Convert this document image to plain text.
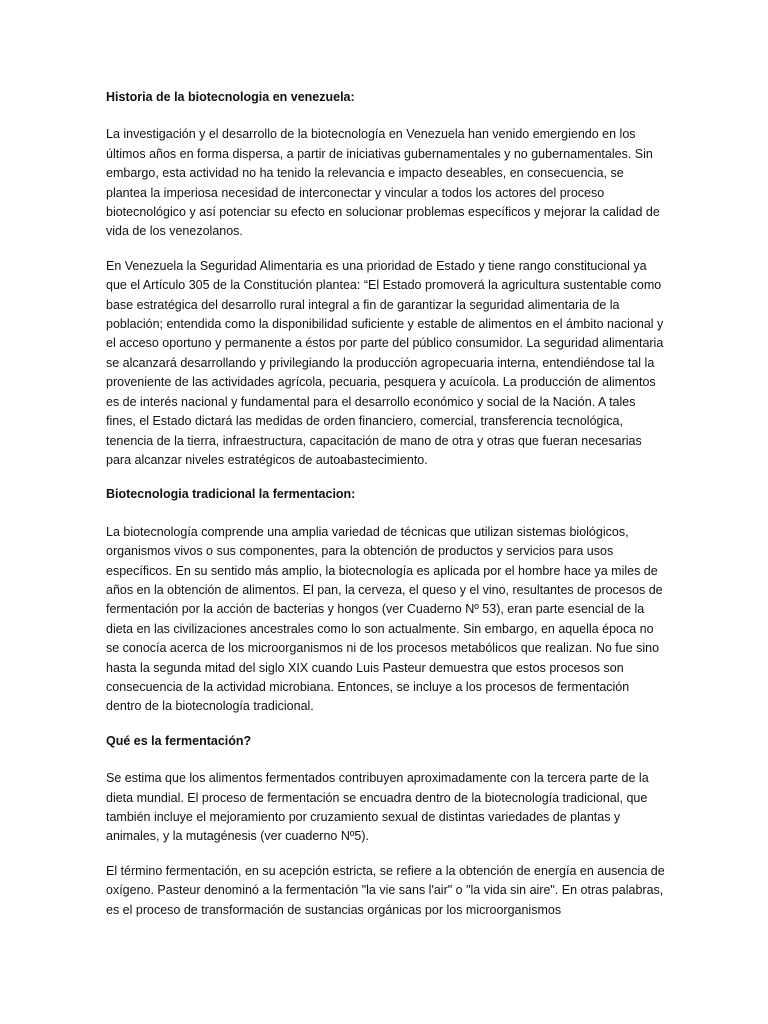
Historia de la biotecnologia en venezuela:

La investigación y el desarrollo de la biotecnología en Venezuela han venido emergiendo en los últimos años en forma dispersa, a partir de iniciativas gubernamentales y no gubernamentales. Sin embargo, esta actividad no ha tenido la relevancia e impacto deseables, en consecuencia, se plantea la imperiosa necesidad de interconectar y vincular a todos los actores del proceso biotecnológico y así potenciar su efecto en solucionar problemas específicos y mejorar la calidad de vida de los venezolanos.

En Venezuela la Seguridad Alimentaria es una prioridad de Estado y tiene rango constitucional ya que el Artículo 305 de la Constitución plantea: “El Estado promoverá la agricultura sustentable como base estratégica del desarrollo rural integral a fin de garantizar la seguridad alimentaria de la población; entendida como la disponibilidad suficiente y estable de alimentos en el ámbito nacional y el acceso oportuno y permanente a éstos por parte del público consumidor. La seguridad alimentaria se alcanzará desarrollando y privilegiando la producción agropecuaria interna, entendiéndose tal la proveniente de las actividades agrícola, pecuaria, pesquera y acuícola. La producción de alimentos es de interés nacional y fundamental para el desarrollo económico y social de la Nación. A tales fines, el Estado dictará las medidas de orden financiero, comercial, transferencia tecnológica, tenencia de la tierra, infraestructura, capacitación de mano de otra y otras que fueran necesarias para alcanzar niveles estratégicos de autoabastecimiento.

Biotecnologia tradicional la fermentacion:

La biotecnología comprende una amplia variedad de técnicas que utilizan sistemas biológicos, organismos vivos o sus componentes, para la obtención de productos y servicios para usos específicos. En su sentido más amplio, la biotecnología es aplicada por el hombre hace ya miles de años en la obtención de alimentos. El pan, la cerveza, el queso y el vino, resultantes de procesos de fermentación por la acción de bacterias y hongos (ver Cuaderno Nº 53), eran parte esencial de la dieta en las civilizaciones ancestrales como lo son actualmente. Sin embargo, en aquella época no se conocía acerca de los microorganismos ni de los procesos metabólicos que realizan. No fue sino hasta la segunda mitad del siglo XIX cuando Luis Pasteur demuestra que estos procesos son consecuencia de la actividad microbiana. Entonces, se incluye a los procesos de fermentación dentro de la biotecnología tradicional.

Qué es la fermentación?

Se estima que los alimentos fermentados contribuyen aproximadamente con la tercera parte de la dieta mundial. El proceso de fermentación se encuadra dentro de la biotecnología tradicional, que también incluye el mejoramiento por cruzamiento sexual de distintas variedades de plantas y animales, y la mutagénesis (ver cuaderno Nº5).

El término fermentación, en su acepción estricta, se refiere a la obtención de energía en ausencia de oxígeno. Pasteur denominó a la fermentación "la vie sans l'air" o "la vida sin aire". En otras palabras, es el proceso de transformación de sustancias orgánicas por los microorganismos
